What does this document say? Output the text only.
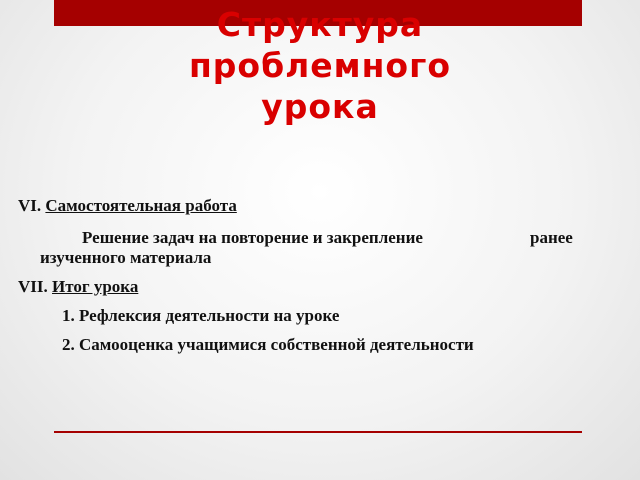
Структура
проблемного
урока
VI. Самостоятельная работа
Решение задач на повторение и закрепление	ранее
изученного материала
VII. Итог урока
1. Рефлексия деятельности на уроке
2. Самооценка учащимися собственной деятельности
